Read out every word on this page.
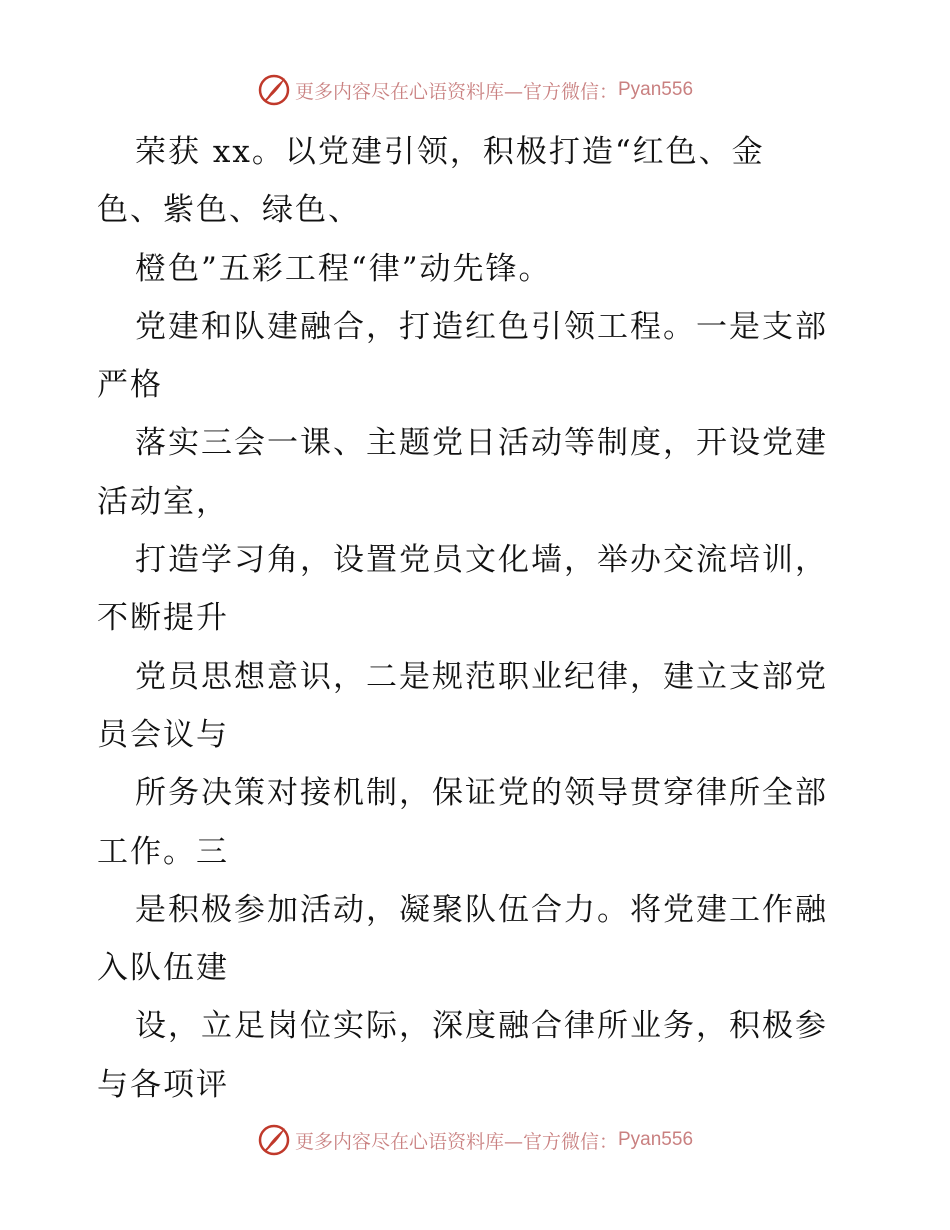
更多内容尽在心语资料库—官方微信： Pyan556
荣获 xx。以党建引领，积极打造“红色、金
色、紫色、绿色、
橙色”五彩工程“律”动先锋。
党建和队建融合，打造红色引领工程。一是支部
严格
落实三会一课、主题党日活动等制度，开设党建
活动室，
打造学习角，设置党员文化墙，举办交流培训，
不断提升
党员思想意识，二是规范职业纪律，建立支部党
员会议与
所务决策对接机制，保证党的领导贯穿律所全部
工作。三
是积极参加活动，凝聚队伍合力。将党建工作融
入队伍建
设，立足岗位实际，深度融合律所业务，积极参
与各项评
更多内容尽在心语资料库—官方微信： Pyan556
